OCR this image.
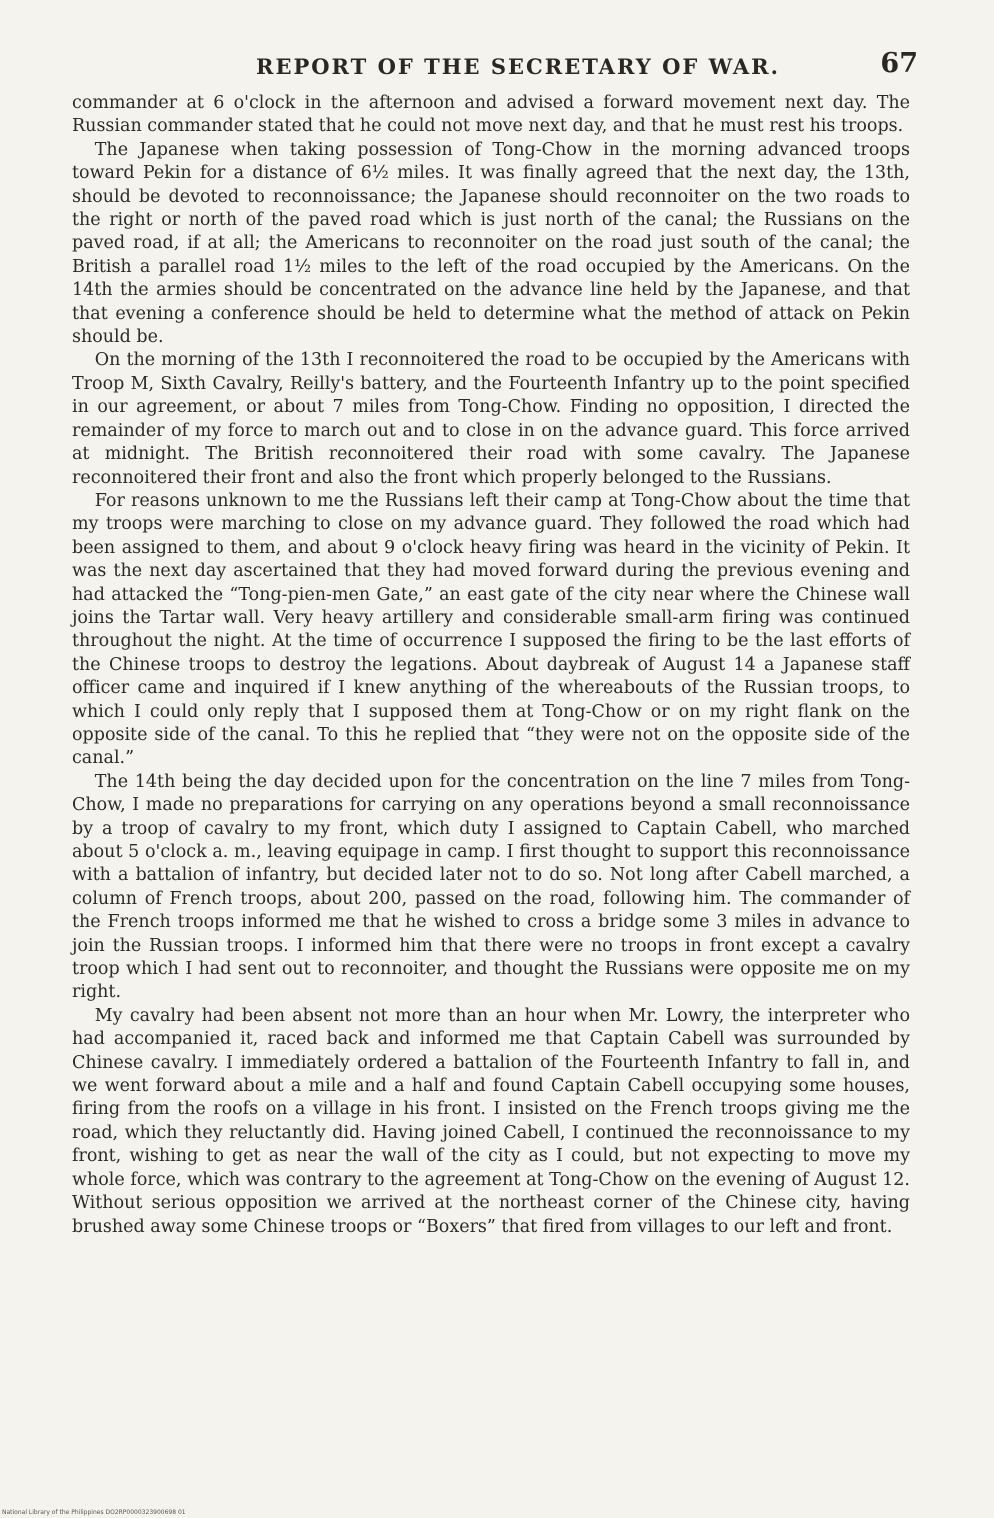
REPORT OF THE SECRETARY OF WAR.	67

commander at 6 o'clock in the afternoon and advised a forward movement next day. The Russian commander stated that he could not move next day, and that he must rest his troops.

The Japanese when taking possession of Tong-Chow in the morning advanced troops toward Pekin for a distance of 6½ miles. It was finally agreed that the next day, the 13th, should be devoted to reconnoissance; the Japanese should reconnoiter on the two roads to the right or north of the paved road which is just north of the canal; the Russians on the paved road, if at all; the Americans to reconnoiter on the road just south of the canal; the British a parallel road 1½ miles to the left of the road occupied by the Americans. On the 14th the armies should be concentrated on the advance line held by the Japanese, and that that evening a conference should be held to determine what the method of attack on Pekin should be.

On the morning of the 13th I reconnoitered the road to be occupied by the Americans with Troop M, Sixth Cavalry, Reilly's battery, and the Fourteenth Infantry up to the point specified in our agreement, or about 7 miles from Tong-Chow. Finding no opposition, I directed the remainder of my force to march out and to close in on the advance guard. This force arrived at midnight. The British reconnoitered their road with some cavalry. The Japanese reconnoitered their front and also the front which properly belonged to the Russians.

For reasons unknown to me the Russians left their camp at Tong-Chow about the time that my troops were marching to close on my advance guard. They followed the road which had been assigned to them, and about 9 o'clock heavy firing was heard in the vicinity of Pekin. It was the next day ascertained that they had moved forward during the previous evening and had attacked the “Tong-pien-men Gate,” an east gate of the city near where the Chinese wall joins the Tartar wall. Very heavy artillery and considerable small-arm firing was continued throughout the night. At the time of occurrence I supposed the firing to be the last efforts of the Chinese troops to destroy the legations. About daybreak of August 14 a Japanese staff officer came and inquired if I knew anything of the whereabouts of the Russian troops, to which I could only reply that I supposed them at Tong-Chow or on my right flank on the opposite side of the canal. To this he replied that “they were not on the opposite side of the canal.”

The 14th being the day decided upon for the concentration on the line 7 miles from Tong-Chow, I made no preparations for carrying on any operations beyond a small reconnoissance by a troop of cavalry to my front, which duty I assigned to Captain Cabell, who marched about 5 o'clock a. m., leaving equipage in camp. I first thought to support this reconnoissance with a battalion of infantry, but decided later not to do so. Not long after Cabell marched, a column of French troops, about 200, passed on the road, following him. The commander of the French troops informed me that he wished to cross a bridge some 3 miles in advance to join the Russian troops. I informed him that there were no troops in front except a cavalry troop which I had sent out to reconnoiter, and thought the Russians were opposite me on my right.

My cavalry had been absent not more than an hour when Mr. Lowry, the interpreter who had accompanied it, raced back and informed me that Captain Cabell was surrounded by Chinese cavalry. I immediately ordered a battalion of the Fourteenth Infantry to fall in, and we went forward about a mile and a half and found Captain Cabell occupying some houses, firing from the roofs on a village in his front. I insisted on the French troops giving me the road, which they reluctantly did. Having joined Cabell, I continued the reconnoissance to my front, wishing to get as near the wall of the city as I could, but not expecting to move my whole force, which was contrary to the agreement at Tong-Chow on the evening of August 12. Without serious opposition we arrived at the northeast corner of the Chinese city, having brushed away some Chinese troops or “Boxers” that fired from villages to our left and front.

National Library of the Philippines DO2RP0000323900698 01
